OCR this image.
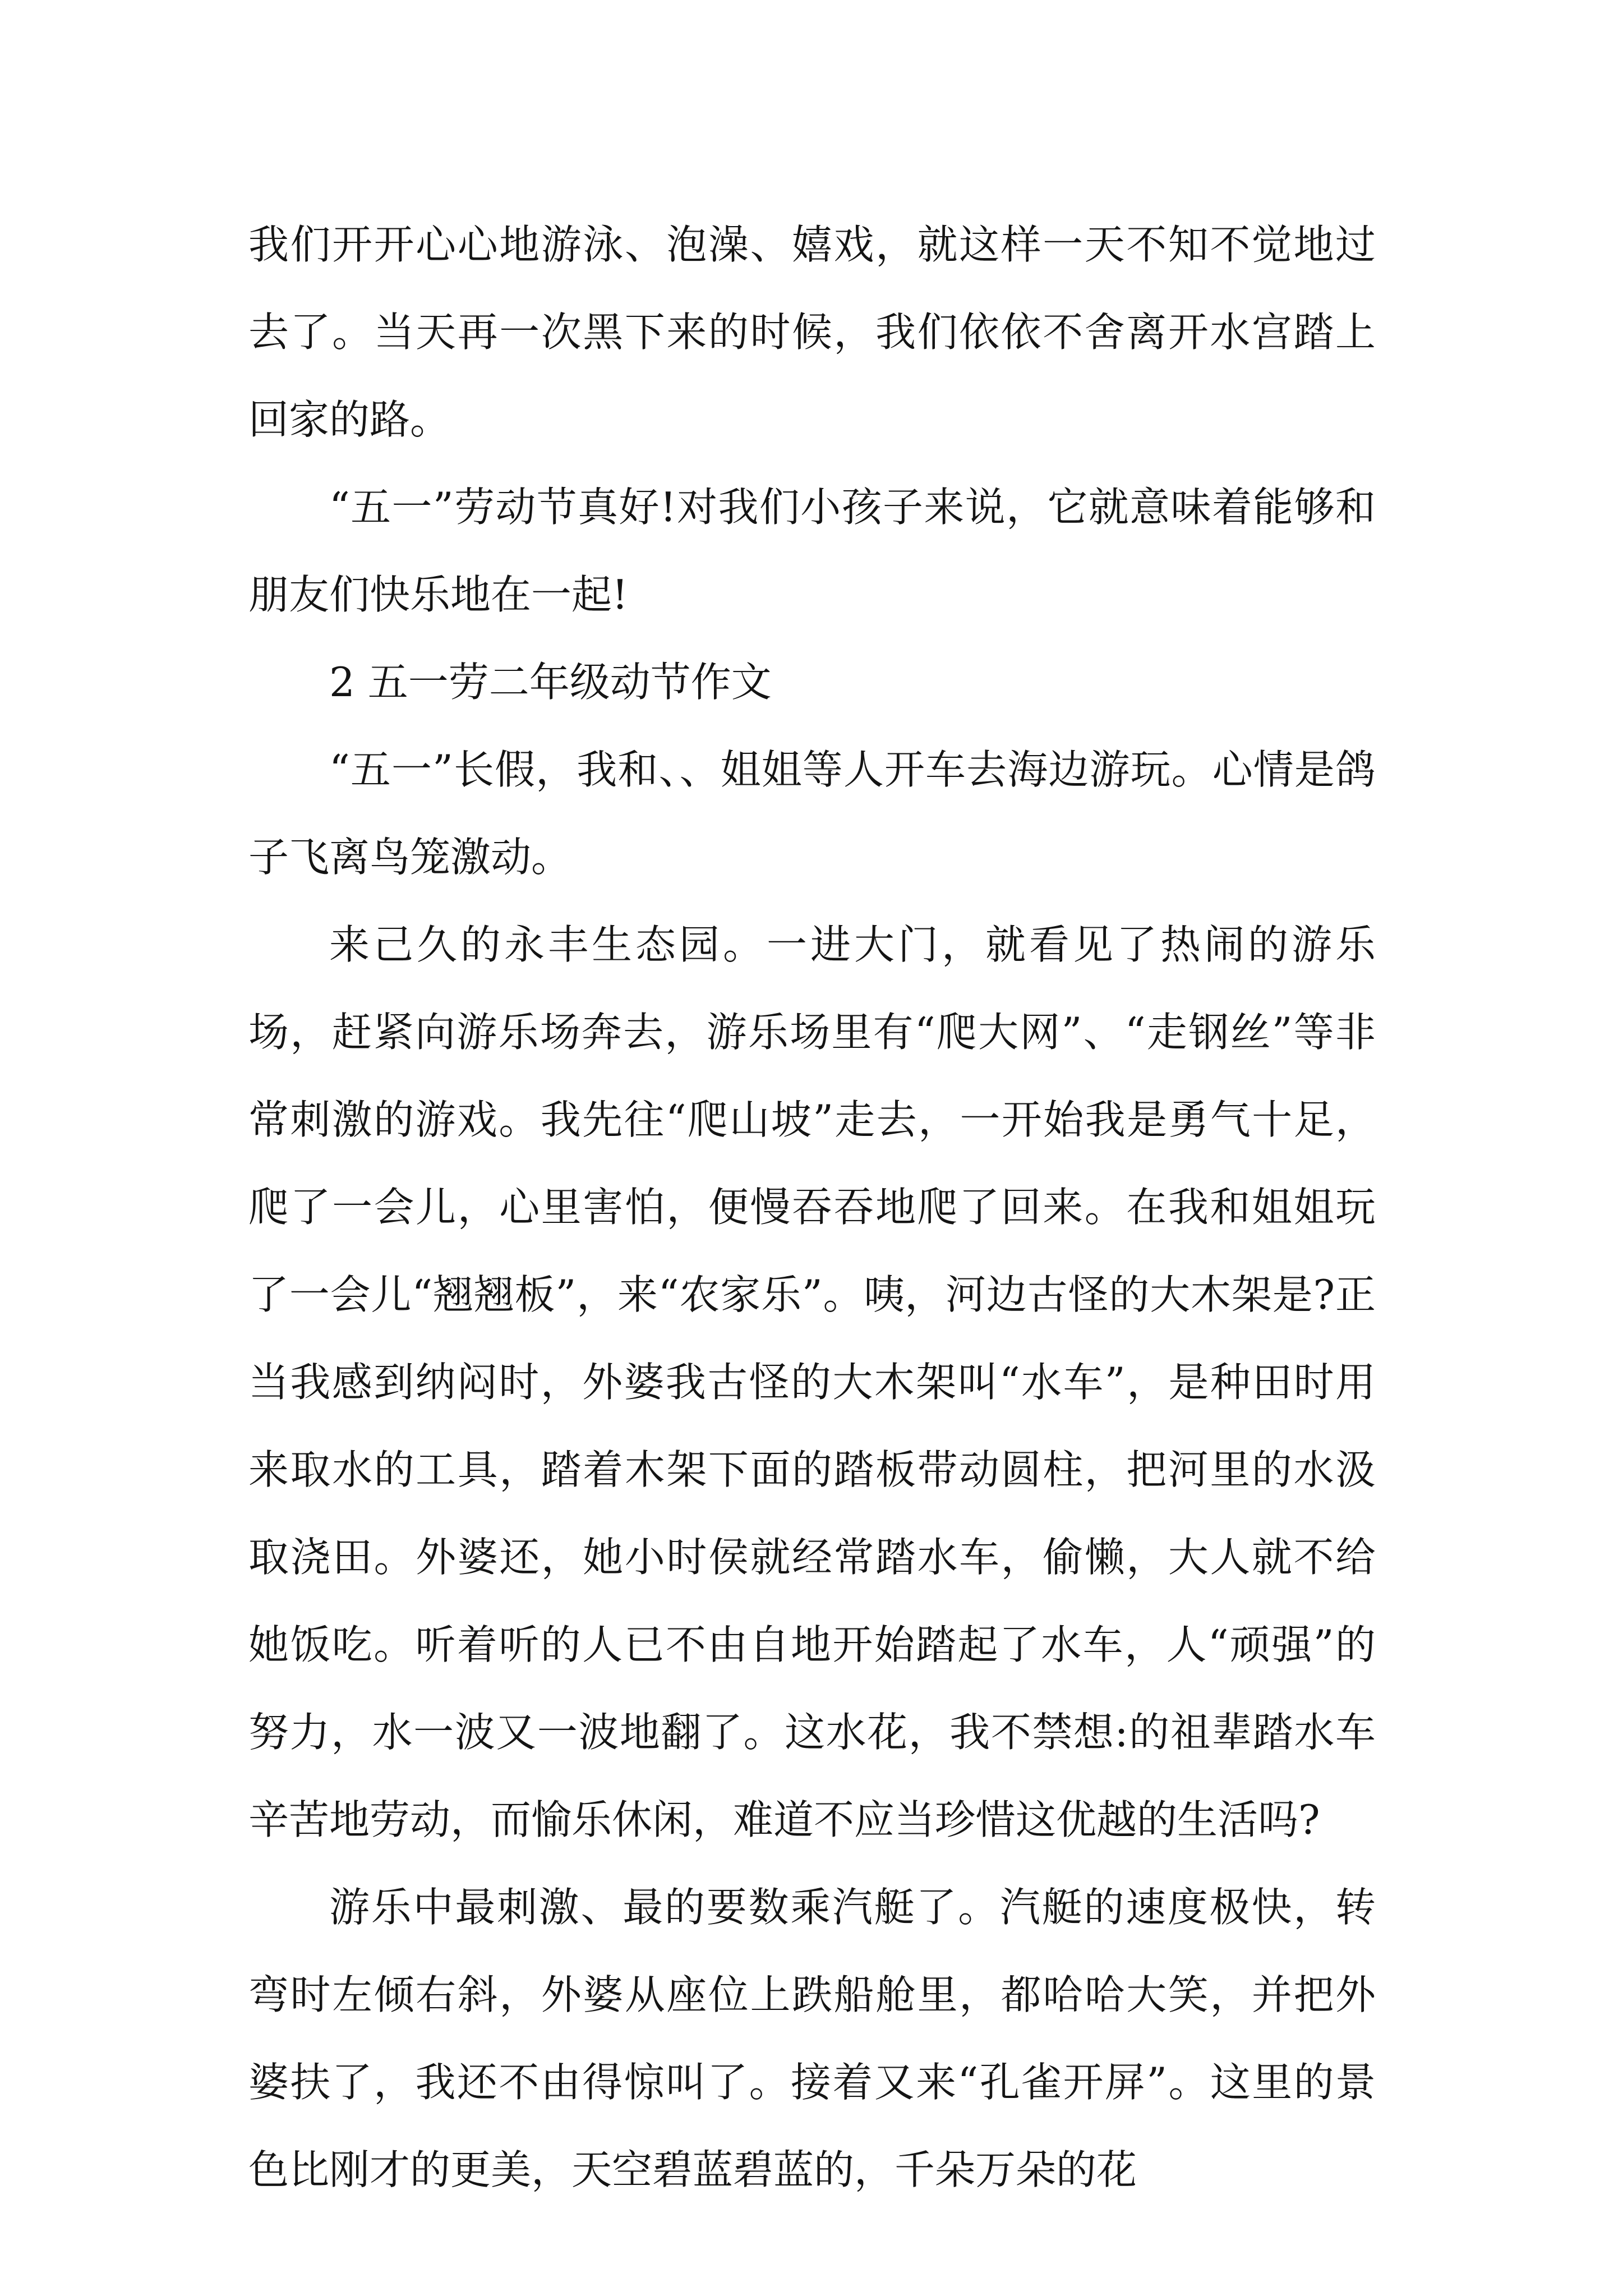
我们开开心心地游泳、泡澡、嬉戏，就这样一天不知不觉地过去了。当天再一次黑下来的时候，我们依依不舍离开水宫踏上回家的路。

“五一”劳动节真好!对我们小孩子来说，它就意味着能够和朋友们快乐地在一起!

2 五一劳二年级动节作文

“五一”长假，我和、、姐姐等人开车去海边游玩。心情是鸽子飞离鸟笼激动。

来己久的永丰生态园。一进大门，就看见了热闹的游乐场，赶紧向游乐场奔去，游乐场里有“爬大网”、“走钢丝”等非常刺激的游戏。我先往“爬山坡”走去，一开始我是勇气十足，爬了一会儿，心里害怕，便慢吞吞地爬了回来。在我和姐姐玩了一会儿“翘翘板”，来“农家乐”。咦，河边古怪的大木架是?正当我感到纳闷时，外婆我古怪的大木架叫“水车”，是种田时用来取水的工具，踏着木架下面的踏板带动圆柱，把河里的水汲取浇田。外婆还，她小时侯就经常踏水车，偷懒，大人就不给她饭吃。听着听的人已不由自地开始踏起了水车，人“顽强”的努力，水一波又一波地翻了。这水花，我不禁想:的祖辈踏水车辛苦地劳动，而愉乐休闲，难道不应当珍惜这优越的生活吗?

游乐中最刺激、最的要数乘汽艇了。汽艇的速度极快，转弯时左倾右斜，外婆从座位上跌船舱里，都哈哈大笑，并把外婆扶了，我还不由得惊叫了。接着又来“孔雀开屏”。这里的景色比刚才的更美，天空碧蓝碧蓝的，千朵万朵的花
